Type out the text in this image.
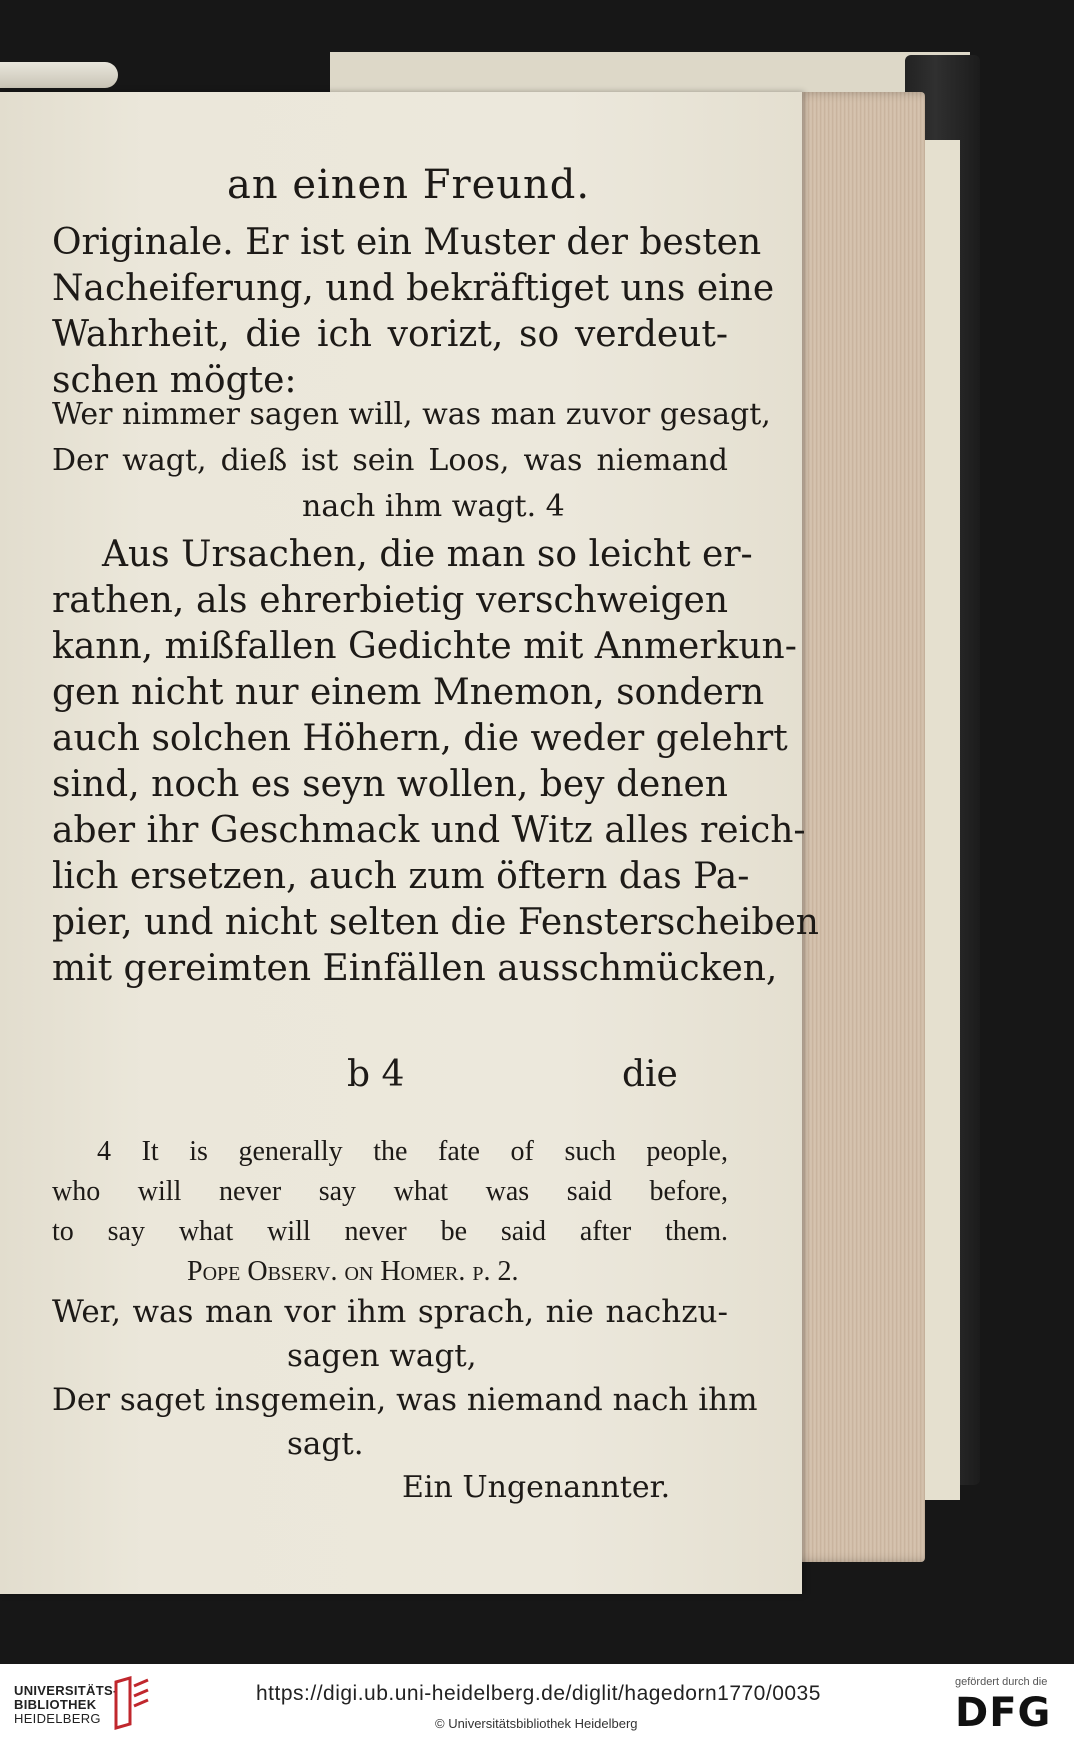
an einen Freund.
Originale. Er ist ein Muster der besten
Nacheiferung, und bekräftiget uns eine
Wahrheit, die ich vorizt, so verdeut-
schen mögte:
Wer nimmer sagen will, was man zuvor gesagt,
Der wagt, dieß ist sein Loos, was niemand
nach ihm wagt. 4
Aus Ursachen, die man so leicht er-
rathen, als ehrerbietig verschweigen
kann, mißfallen Gedichte mit Anmerkun-
gen nicht nur einem Mnemon, sondern
auch solchen Höhern, die weder gelehrt
sind, noch es seyn wollen, bey denen
aber ihr Geschmack und Witz alles reich-
lich ersetzen, auch zum öftern das Pa-
pier, und nicht selten die Fensterscheiben
mit gereimten Einfällen ausschmücken,
b 4	die
4 It is generally the fate of such people,
who will never say what was said before,
to say what will never be said after them.
Pope Observ. on Homer. p. 2.
Wer, was man vor ihm sprach, nie nachzu-
sagen wagt,
Der saget insgemein, was niemand nach ihm
sagt.
Ein Ungenannter.
UNIVERSITÄTS-
BIBLIOTHEK
HEIDELBERG
https://digi.ub.uni-heidelberg.de/diglit/hagedorn1770/0035
© Universitätsbibliothek Heidelberg
gefördert durch die
DFG
